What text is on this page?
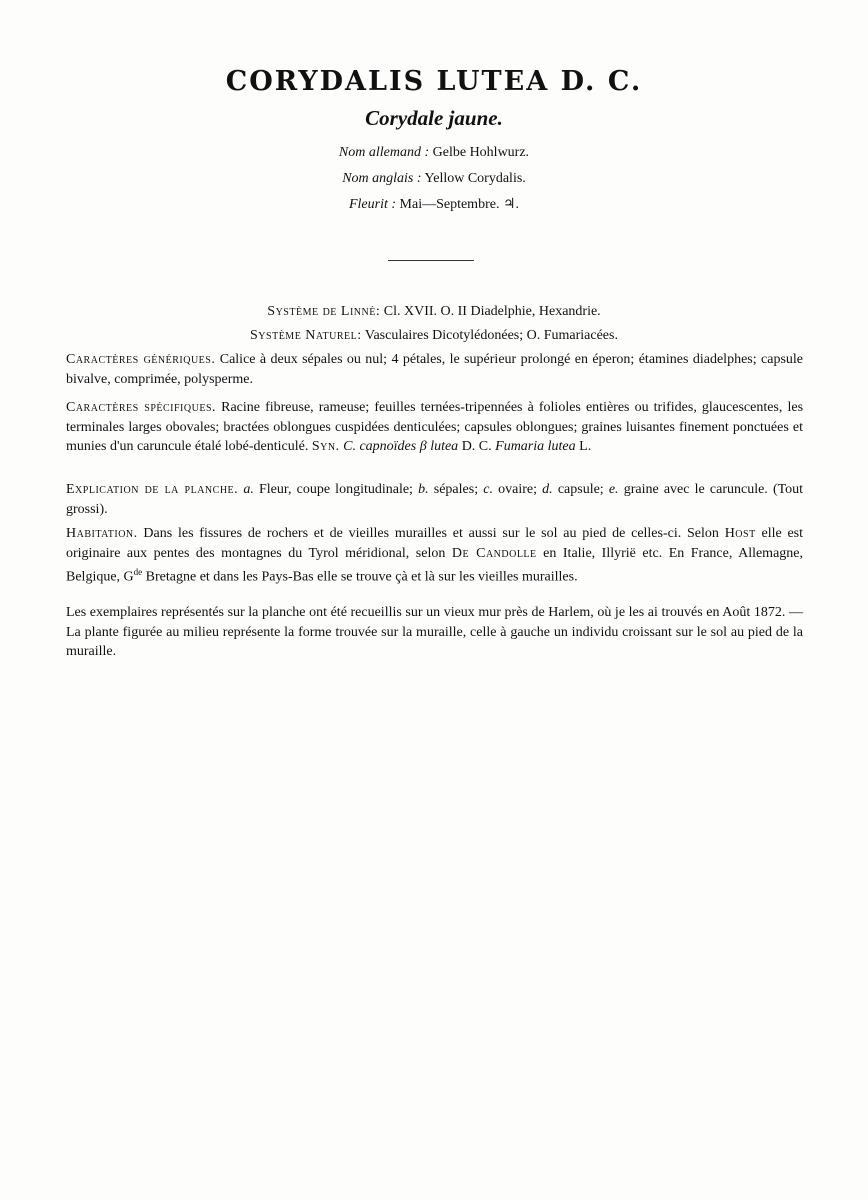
CORYDALIS LUTEA D. C.
Corydale jaune.
Nom allemand : Gelbe Hohlwurz.
Nom anglais : Yellow Corydalis.
Fleurit : Mai—Septembre. ♃.
Système de Linné: Cl. XVII. O. II Diadelphie, Hexandrie.
Système Naturel: Vasculaires Dicotylédonées; O. Fumariacées.
Caractères génériques. Calice à deux sépales ou nul; 4 pétales, le supérieur prolongé en éperon; étamines diadelphes; capsule bivalve, comprimée, polysperme.
Caractères spécifiques. Racine fibreuse, rameuse; feuilles ternées-tripennées à folioles entières ou trifides, glaucescentes, les terminales larges obovales; bractées oblongues cuspidées denticulées; capsules oblongues; graines luisantes finement ponctuées et munies d'un caruncule étalé lobé-denticulé. Syn. C. capnoïdes β lutea D. C. Fumaria lutea L.
Explication de la planche. a. Fleur, coupe longitudinale; b. sépales; c. ovaire; d. capsule; e. graine avec le caruncule. (Tout grossi).
Habitation. Dans les fissures de rochers et de vieilles murailles et aussi sur le sol au pied de celles-ci. Selon Host elle est originaire aux pentes des montagnes du Tyrol méridional, selon De Candolle en Italie, Illyrië etc. En France, Allemagne, Belgique, $G^{de}$ Bretagne et dans les Pays-Bas elle se trouve çà et là sur les vieilles murailles.
Les exemplaires représentés sur la planche ont été recueillis sur un vieux mur près de Harlem, où je les ai trouvés en Août 1872. — La plante figurée au milieu représente la forme trouvée sur la muraille, celle à gauche un individu croissant sur le sol au pied de la muraille.
